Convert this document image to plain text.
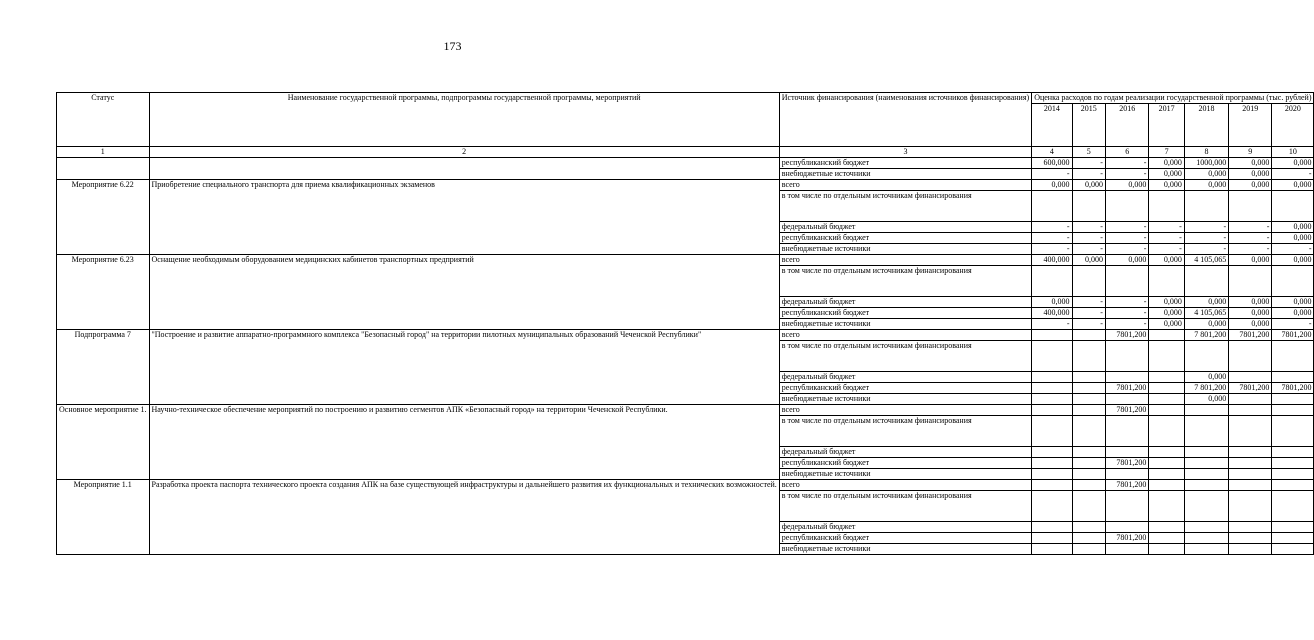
173
Статус	Наименование государственной программы, подпрограммы государственной программы, мероприятий	Источник финансирования (наименования источников финансирования)	Оценка расходов по годам реализации государственной программы (тыс. рублей)						
			2014	2015	2016	2017	2018	2019	2020
1	2	3	4	5	6	7	8	9	10
		республиканский бюджет	600,000	-	-	0,000	1000,000	0,000	0,000
		внебюджетные источники	-	-	-	0,000	0,000	0,000	-
Мероприятие 6.22	Приобретение специального транспорта для приема квалификационных экзаменов	всего	0,000	0,000	0,000	0,000	0,000	0,000	0,000
		в том числе по отдельным источникам финансирования							
		федеральный бюджет	-	-	-	-	-	-	0,000
		республиканский бюджет	-	-	-	-	-	-	0,000
		внебюджетные источники	-	-	-	-	-	-	-
Мероприятие 6.23	Оснащение необходимым оборудованием медицинских кабинетов транспортных предприятий	всего	400,000	0,000	0,000	0,000	4 105,065	0,000	0,000
		в том числе по отдельным источникам финансирования							
		федеральный бюджет	0,000	-	-	0,000	0,000	0,000	0,000
		республиканский бюджет	400,000	-	-	0,000	4 105,065	0,000	0,000
		внебюджетные источники	-	-	-	0,000	0,000	0,000	-
Подпрограмма 7	"Построение и развитие аппаратно-программного комплекса "Безопасный город" на территории пилотных муниципальных образований Чеченской Республики"	всего			7801,200		7 801,200	7801,200	7801,200
		в том числе по отдельным источникам финансирования							
		федеральный бюджет					0,000		
		республиканский бюджет			7801,200		7 801,200	7801,200	7801,200
		внебюджетные источники					0,000		
Основное мероприятие 1.	Научно-техническое обеспечение мероприятий по построению и развитию сегментов АПК «Безопасный город» на территории Чеченской Республики.	всего			7801,200				
		в том числе по отдельным источникам финансирования							
		федеральный бюджет							
		республиканский бюджет			7801,200				
		внебюджетные источники							
Мероприятие 1.1	Разработка проекта паспорта технического проекта создания АПК на базе существующей инфраструктуры и дальнейшего развития их функциональных и технических возможностей.	всего			7801,200				
		в том числе по отдельным источникам финансирования							
		федеральный бюджет							
		республиканский бюджет			7801,200				
		внебюджетные источники							
